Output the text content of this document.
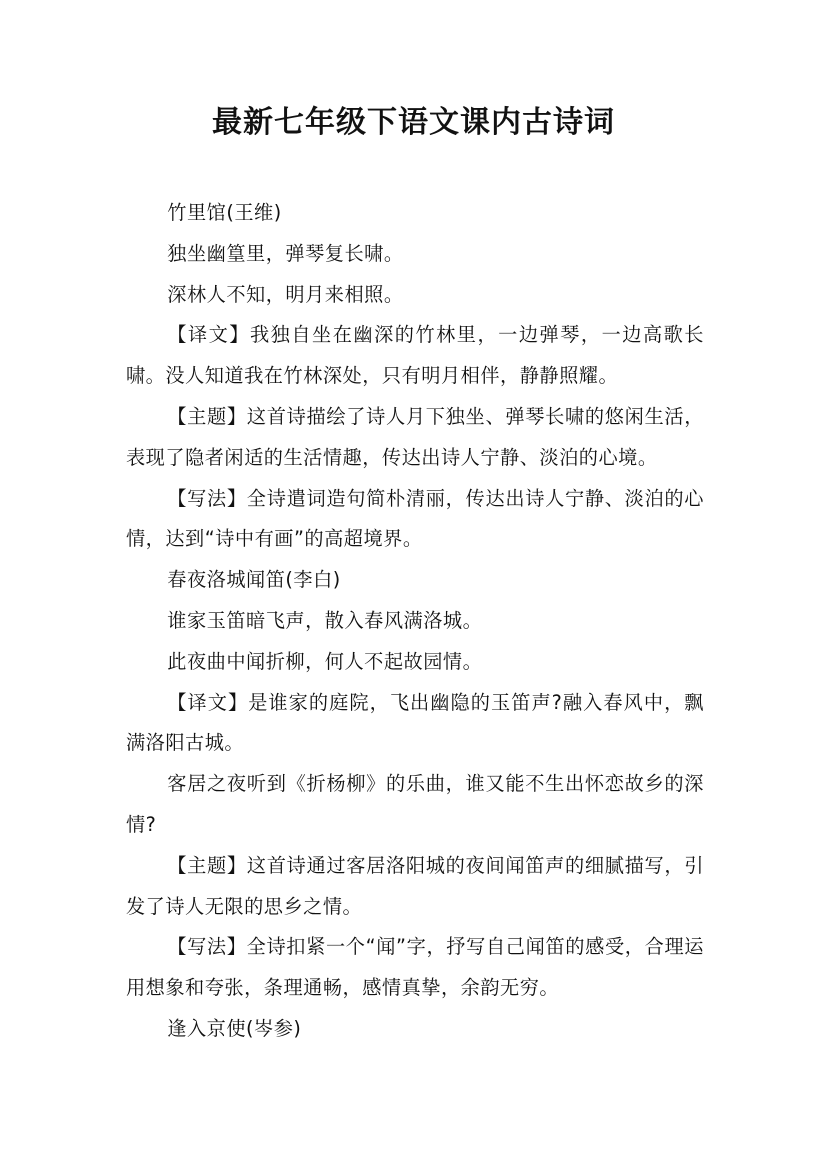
最新七年级下语文课内古诗词

竹里馆(王维)

独坐幽篁里，弹琴复长啸。

深林人不知，明月来相照。

【译文】我独自坐在幽深的竹林里，一边弹琴，一边高歌长啸。没人知道我在竹林深处，只有明月相伴，静静照耀。

【主题】这首诗描绘了诗人月下独坐、弹琴长啸的悠闲生活，表现了隐者闲适的生活情趣，传达出诗人宁静、淡泊的心境。

【写法】全诗遣词造句简朴清丽，传达出诗人宁静、淡泊的心情，达到“诗中有画”的高超境界。

春夜洛城闻笛(李白)

谁家玉笛暗飞声，散入春风满洛城。

此夜曲中闻折柳，何人不起故园情。

【译文】是谁家的庭院，飞出幽隐的玉笛声?融入春风中，飘满洛阳古城。

客居之夜听到《折杨柳》的乐曲，谁又能不生出怀恋故乡的深情?

【主题】这首诗通过客居洛阳城的夜间闻笛声的细腻描写，引发了诗人无限的思乡之情。

【写法】全诗扣紧一个“闻”字，抒写自己闻笛的感受，合理运用想象和夸张，条理通畅，感情真挚，余韵无穷。

逢入京使(岑参)
